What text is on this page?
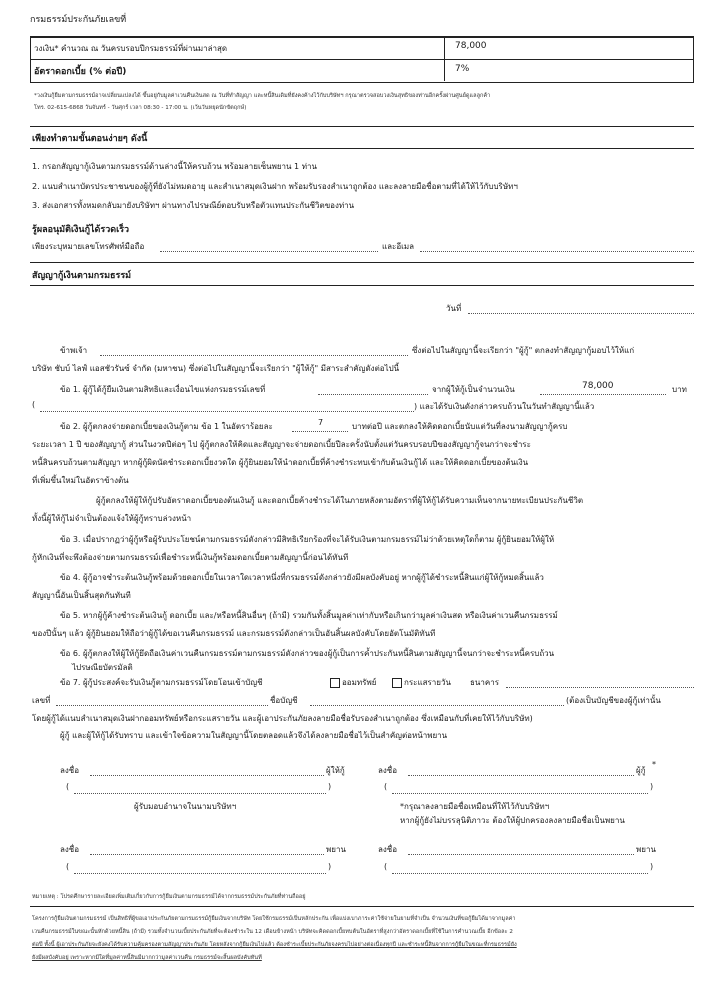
กรมธรรม์ประกันภัยเลขที่
วงเงิน* คำนวณ ณ วันครบรอบปีกรมธรรม์ที่ผ่านมาล่าสุด	78,000
อัตราดอกเบี้ย (% ต่อปี)	7%
*วงเงินกู้ยืมตามกรมธรรม์อาจเปลี่ยนแปลงได้ ขึ้นอยู่กับมูลค่าเวนคืนเงินสด ณ วันที่ทำสัญญา และหนี้สินเดิมที่ยังคงค้างไว้กับบริษัทฯ กรุณาตรวจสอบวงเงินสุทธิของท่านอีกครั้งผ่านศูนย์ดูแลลูกค้า
โทร. 02-615-6868 วันจันทร์ - วันศุกร์ เวลา 08:30 - 17:00 น. (เว้นวันหยุดนักขัตฤกษ์)
เพียงทำตามขั้นตอนง่ายๆ ดังนี้
1. กรอกสัญญากู้เงินตามกรมธรรม์ด้านล่างนี้ให้ครบถ้วน พร้อมลายเซ็นพยาน 1 ท่าน
2. แนบสำเนาบัตรประชาชนของผู้กู้ที่ยังไม่หมดอายุ และสำเนาสมุดเงินฝาก พร้อมรับรองสำเนาถูกต้อง และลงลายมือชื่อตามที่ได้ให้ไว้กับบริษัทฯ
3. ส่งเอกสารทั้งหมดกลับมายังบริษัทฯ ผ่านทางไปรษณีย์ตอบรับหรือตัวแทนประกันชีวิตของท่าน
รู้ผลอนุมัติเงินกู้ได้รวดเร็ว
เพียงระบุหมายเลขโทรศัพท์มือถือ	และอีเมล
สัญญากู้เงินตามกรมธรรม์
วันที่
ข้าพเจ้า	ซึ่งต่อไปในสัญญานี้จะเรียกว่า "ผู้กู้" ตกลงทำสัญญากู้มอบไว้ให้แก่
บริษัท ชับบ์ ไลฟ์ แอสชัวรันซ์ จำกัด (มหาชน) ซึ่งต่อไปในสัญญานี้จะเรียกว่า "ผู้ให้กู้" มีสาระสำคัญดังต่อไปนี้
ข้อ 1. ผู้กู้ได้กู้ยืมเงินตามสิทธิและเงื่อนไขแห่งกรมธรรม์เลขที่	จากผู้ให้กู้เป็นจำนวนเงิน	78,000	บาท
(	) และได้รับเงินดังกล่าวครบถ้วนในวันทำสัญญานี้แล้ว
ข้อ 2. ผู้กู้ตกลงจ่ายดอกเบี้ยของเงินกู้ตาม ข้อ 1 ในอัตราร้อยละ	7	บาทต่อปี และตกลงให้คิดดอกเบี้ยนับแต่วันที่ลงนามสัญญากู้ครบ
ระยะเวลา 1 ปี ของสัญญากู้ ส่วนในงวดปีต่อๆ ไป ผู้กู้ตกลงให้คิดและสัญญาจะจ่ายดอกเบี้ยปีละครั้งนับตั้งแต่วันครบรอบปีของสัญญากู้จนกว่าจะชำระ
หนี้สินครบถ้วนตามสัญญา หากผู้กู้ผิดนัดชำระดอกเบี้ยงวดใด ผู้กู้ยินยอมให้นำดอกเบี้ยที่ค้างชำระทบเข้ากับต้นเงินกู้ได้ และให้คิดดอกเบี้ยของต้นเงิน
ที่เพิ่มขึ้นใหม่ในอัตราข้างต้น
ผู้กู้ตกลงให้ผู้ให้กู้ปรับอัตราดอกเบี้ยของต้นเงินกู้ และดอกเบี้ยค้างชำระได้ในภายหลังตามอัตราที่ผู้ให้กู้ได้รับความเห็นจากนายทะเบียนประกันชีวิต
ทั้งนี้ผู้ให้กู้ไม่จำเป็นต้องแจ้งให้ผู้กู้ทราบล่วงหน้า
ข้อ 3. เมื่อปรากฏว่าผู้กู้หรือผู้รับประโยชน์ตามกรมธรรม์ดังกล่าวมีสิทธิเรียกร้องที่จะได้รับเงินตามกรมธรรม์ไม่ว่าด้วยเหตุใดก็ตาม ผู้กู้ยินยอมให้ผู้ให้
กู้หักเงินที่จะพึงต้องจ่ายตามกรมธรรม์เพื่อชำระหนี้เงินกู้พร้อมดอกเบี้ยตามสัญญานี้ก่อนได้ทันที
ข้อ 4. ผู้กู้อาจชำระต้นเงินกู้พร้อมด้วยดอกเบี้ยในเวลาใดเวลาหนึ่งที่กรมธรรม์ดังกล่าวยังมีผลบังคับอยู่ หากผู้กู้ได้ชำระหนี้สินแก่ผู้ให้กู้หมดสิ้นแล้ว
สัญญานี้อันเป็นสิ้นสุดกันทันที
ข้อ 5. หากผู้กู้ค้างชำระต้นเงินกู้ ดอกเบี้ย และ/หรือหนี้สินอื่นๆ (ถ้ามี) รวมกันทั้งสิ้นมูลค่าเท่ากับหรือเกินกว่ามูลค่าเงินสด หรือเงินค่าเวนคืนกรมธรรม์
ของปีนั้นๆ แล้ว ผู้กู้ยินยอมให้ถือว่าผู้กู้ได้ขอเวนคืนกรมธรรม์ และกรมธรรม์ดังกล่าวเป็นอันสิ้นผลบังคับโดยอัตโนมัติทันที
ข้อ 6. ผู้กู้ตกลงให้ผู้ให้กู้ยึดถือเงินค่าเวนคืนกรมธรรม์ตามกรมธรรม์ดังกล่าวของผู้กู้เป็นการค้ำประกันหนี้สินตามสัญญานี้จนกว่าจะชำระหนี้ครบถ้วน
ไปรษณียบัตรมัลติ
ข้อ 7. ผู้กู้ประสงค์จะรับเงินกู้ตามกรมธรรม์โดยโอนเข้าบัญชี	ออมทรัพย์	กระแสรายวัน ธนาคาร
เลขที่	ชื่อบัญชี	(ต้องเป็นบัญชีของผู้กู้เท่านั้น
โดยผู้กู้ได้แนบสำเนาสมุดเงินฝากออมทรัพย์หรือกระแสรายวัน และผู้เอาประกันภัยลงลายมือชื่อรับรองสำเนาถูกต้อง ซึ่งเหมือนกับที่เคยให้ไว้กับบริษัท)
ผู้กู้ และผู้ให้กู้ได้รับทราบ และเข้าใจข้อความในสัญญานี้โดยตลอดแล้วจึงได้ลงลายมือชื่อไว้เป็นสำคัญต่อหน้าพยาน
ลงชื่อ	ผู้ให้กู้
(	)
ผู้รับมอบอำนาจในนามบริษัทฯ
ลงชื่อ	ผู้กู้
*
(	)
*กรุณาลงลายมือชื่อเหมือนที่ให้ไว้กับบริษัทฯ
หากผู้กู้ยังไม่บรรลุนิติภาวะ ต้องให้ผู้ปกครองลงลายมือชื่อเป็นพยาน
ลงชื่อ	พยาน
(	)
ลงชื่อ	พยาน
(	)
หมายเหตุ : โปรดศึกษารายละเอียดเพิ่มเติมเกี่ยวกับการกู้ยืมเงินตามกรมธรรม์ได้จากกรมธรรม์ประกันภัยที่ท่านถืออยู่
โครงการกู้ยืมเงินตามกรมธรรม์ เป็นสิทธิที่ผู้ขอเอาประกันภัยตามกรมธรรม์กู้ยืมเงินจากบริษัท โดยใช้กรมธรรม์เป็นหลักประกัน เพื่อแบ่งเบาภาระค่าใช้จ่ายในยามที่จำเป็น จำนวนเงินที่ขอกู้ยืมได้มาจากมูลค่า
เวนคืนกรมธรรม์ในขณะนั้นหักด้วยหนี้สิน (ถ้ามี) รวมทั้งจำนวนเบี้ยประกันภัยที่จะต้องชำระใน 12 เดือนข้างหน้า บริษัทจะคิดดอกเบี้ยทบต้นในอัตราที่สูงกว่าอัตราดอกเบี้ยที่ใช้ในการคำนวณเบี้ย อีกข้อละ 2
ต่อปี ทั้งนี้ ผู้เอาประกันภัยจะยังคงได้รับความคุ้มครองตามสัญญาประกันภัย โดยหลังจากกู้ยืมเงินไปแล้ว ต้องชำระเบี้ยประกันภัยจงครบไปอย่างต่อเนื่องทุกปี และชำระหนี้สินจากการกู้ยืมในขณะที่กรมธรรม์ยัง
ยังมีผลบังคับอยู่ เพราะหากมีใดที่มูลค่าหนี้สินมีมากกว่ามูลค่าเวนคืน กรมธรรม์จะสิ้นผลบังคับทันที
